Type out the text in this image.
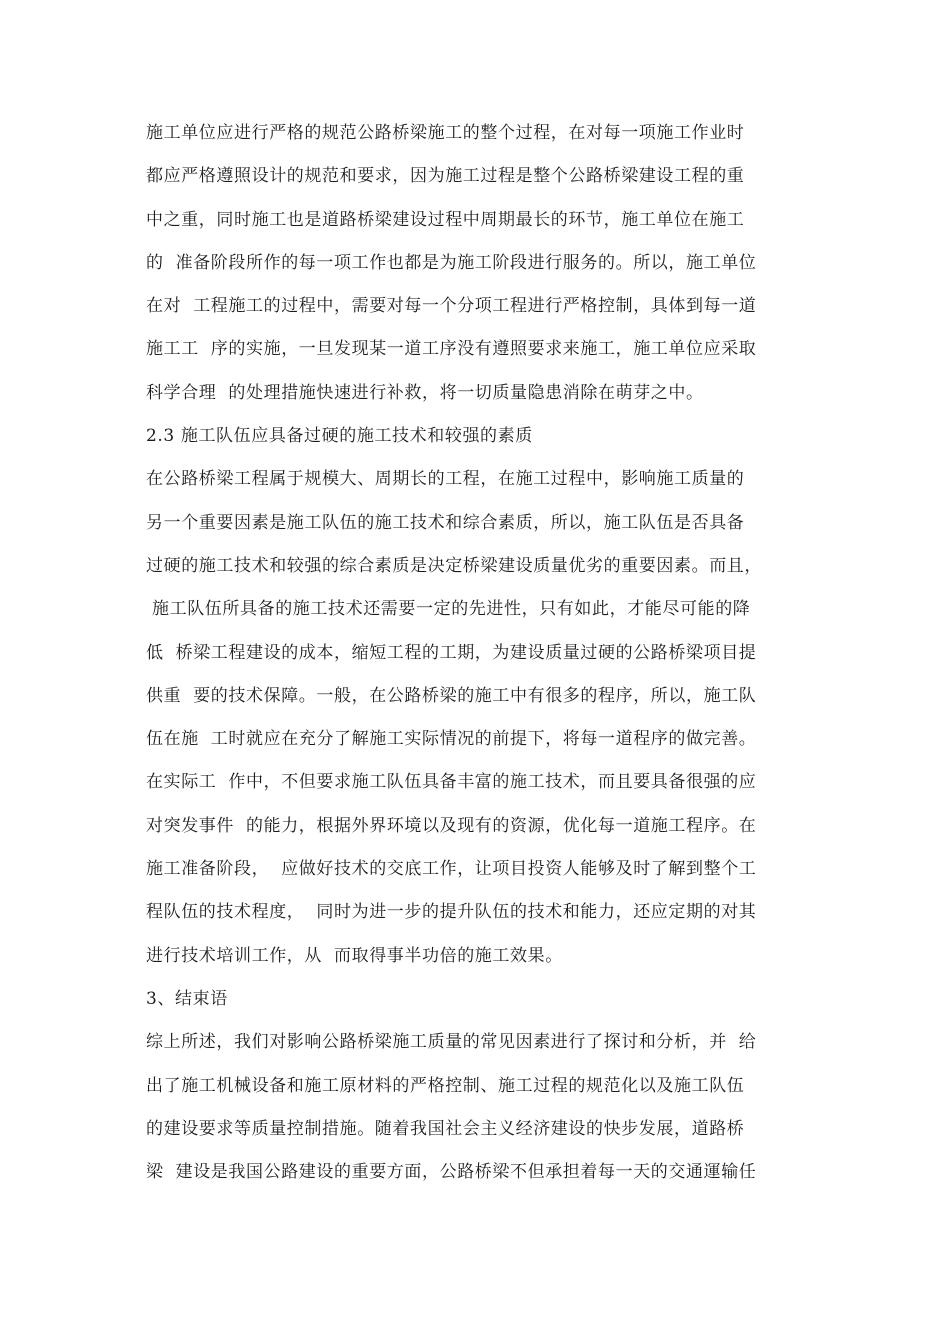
施工单位应进行严格的规范公路桥梁施工的整个过程，在对每一项施工作业时
都应严格遵照设计的规范和要求，因为施工过程是整个公路桥梁建设工程的重
中之重，同时施工也是道路桥梁建设过程中周期最长的环节，施工单位在施工
的  准备阶段所作的每一项工作也都是为施工阶段进行服务的。所以，施工单位
在对  工程施工的过程中，需要对每一个分项工程进行严格控制，具体到每一道
施工工  序的实施，一旦发现某一道工序没有遵照要求来施工，施工单位应采取
科学合理  的处理措施快速进行补救，将一切质量隐患消除在萌芽之中。
2.3 施工队伍应具备过硬的施工技术和较强的素质
在公路桥梁工程属于规模大、周期长的工程，在施工过程中，影响施工质量的
另一个重要因素是施工队伍的施工技术和综合素质，所以，施工队伍是否具备
过硬的施工技术和较强的综合素质是决定桥梁建设质量优劣的重要因素。而且，
施工队伍所具备的施工技术还需要一定的先进性，只有如此，才能尽可能的降
低  桥梁工程建设的成本，缩短工程的工期，为建设质量过硬的公路桥梁项目提
供重  要的技术保障。一般，在公路桥梁的施工中有很多的程序，所以，施工队
伍在施  工时就应在充分了解施工实际情况的前提下，将每一道程序的做完善。
在实际工  作中，不但要求施工队伍具备丰富的施工技术，而且要具备很强的应
对突发事件  的能力，根据外界环境以及现有的资源，优化每一道施工程序。在
施工准备阶段，  应做好技术的交底工作，让项目投资人能够及时了解到整个工
程队伍的技术程度，  同时为进一步的提升队伍的技术和能力，还应定期的对其
进行技术培训工作，从  而取得事半功倍的施工效果。
3、结束语
综上所述，我们对影响公路桥梁施工质量的常见因素进行了探讨和分析，并  给
出了施工机械设备和施工原材料的严格控制、施工过程的规范化以及施工队伍
的建设要求等质量控制措施。随着我国社会主义经济建设的快步发展，道路桥
梁  建设是我国公路建设的重要方面，公路桥梁不但承担着每一天的交通運输任
